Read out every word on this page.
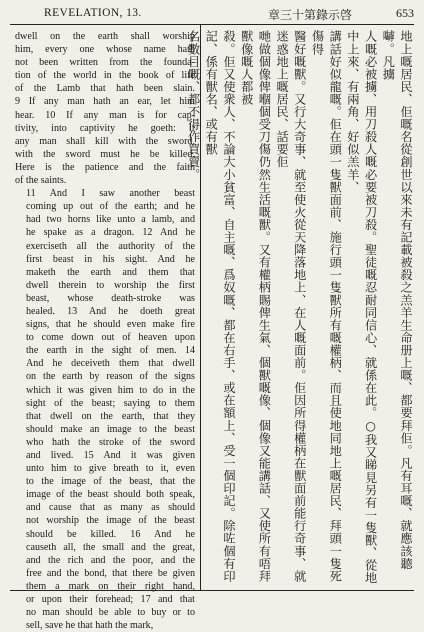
REVELATION, 13.	章三十第錄示啓	653

dwell on the earth shall worship
him, every one whose name hath
not been written from the founda-
tion of the world in the book of life
of the Lamb that hath been slain.
9 If any man hath an ear, let him
hear. 10 If any man is for cap-
tivity, into captivity he goeth: if
any man shall kill with the sword,
with the sword must he be killed.
Here is the patience and the faith
of the saints.

11 And I saw another beast
coming up out of the earth; and he
had two horns like unto a lamb, and
he spake as a dragon. 12 And he
exerciseth all the authority of the
first beast in his sight. And he
maketh the earth and them that
dwell therein to worship the first
beast, whose death-stroke was
healed. 13 And he doeth great
signs, that he should even make fire
to come down out of heaven upon
the earth in the sight of men. 14
And he deceiveth them that dwell
on the earth by reason of the signs
which it was given him to do in the
sight of the beast; saying to them
that dwell on the earth, that they
should make an image to the beast
who hath the stroke of the sword
and lived. 15 And it was given
unto him to give breath to it, even
to the image of the beast, that the
image of the beast should both speak,
and cause that as many as should
not worship the image of the beast
should be killed. 16 And he
causeth all, the small and the great,
and the rich and the poor, and the
free and the bond, that there be given
them a mark on their right hand,
or upon their forehead; 17 and that
no man should be able to buy or to
sell, save he that hath the mark,

地上嘅居民、佢嘅名從創世以來未有記載被殺之羔羊生命册上嘅、都要拜佢。凡有耳嘅、就應該聽嚹。凡擄
人嘅必被擄、用刀殺人嘅必要被刀殺。聖徒嘅忍耐同信心、就係在此。○我又睇見另有一隻獸、從地中上來、有兩角、好似羔羊、
講話好似龍嘅。佢在頭一隻獸面前、施行頭一隻獸所有嘅權柄、而且使地同地上嘅居民、拜頭一隻死傷得
醫好嘅獸。又行大奇事、就至使火從天降落地上、在人嘅面前。佢因所得權柄在獸面前能行奇事、就迷惑地上嘅居民、話要佢
哋做個像俾嗰個受刀傷仍然生活嘅獸。又有權柄賜俾生氣、個獸嘅像、個像又能講話、又使所有唔拜獸像嘅人都被
殺。佢又使衆人、不論大小貧富、自主嘅、爲奴嘅、都在右手、或在額上、受一個印記。除咗個有印記、係有獸名、或有獸
名數目嘅、都不得作買賣。
